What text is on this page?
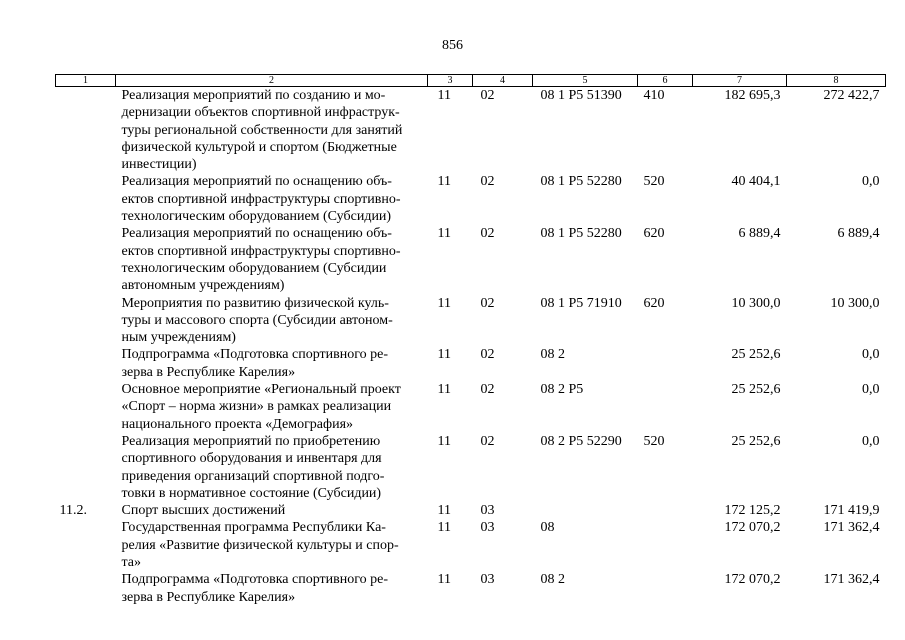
856
1	2	3	4	5	6	7	8

	Реализация мероприятий по созданию и мо-
дернизации объектов спортивной инфраструк-
туры региональной собственности для занятий
физической культурой и спортом (Бюджетные
инвестиции)	11	02	08 1 P5 51390	410	182 695,3	272 422,7

	Реализация мероприятий по оснащению объ-
ектов спортивной инфраструктуры спортивно-
технологическим оборудованием (Субсидии)	11	02	08 1 P5 52280	520	40 404,1	0,0

	Реализация мероприятий по оснащению объ-
ектов спортивной инфраструктуры спортивно-
технологическим оборудованием (Субсидии
автономным учреждениям)	11	02	08 1 P5 52280	620	6 889,4	6 889,4

	Мероприятия по развитию физической куль-
туры и массового спорта (Субсидии автоном-
ным учреждениям)	11	02	08 1 P5 71910	620	10 300,0	10 300,0

	Подпрограмма «Подготовка спортивного ре-
зерва в Республике Карелия»	11	02	08 2		25 252,6	0,0

	Основное мероприятие «Региональный проект
«Спорт – норма жизни» в рамках реализации
национального проекта «Демография»	11	02	08 2 P5		25 252,6	0,0

	Реализация мероприятий по приобретению
спортивного оборудования и инвентаря для
приведения организаций спортивной подго-
товки в нормативное состояние (Субсидии)	11	02	08 2 P5 52290	520	25 252,6	0,0
11.2.	Спорт высших достижений	11	03			172 125,2	171 419,9

	Государственная программа Республики Ка-
релия «Развитие физической культуры и спор-
та»	11	03	08		172 070,2	171 362,4

	Подпрограмма «Подготовка спортивного ре-
зерва в Республике Карелия»	11	03	08 2		172 070,2	171 362,4
